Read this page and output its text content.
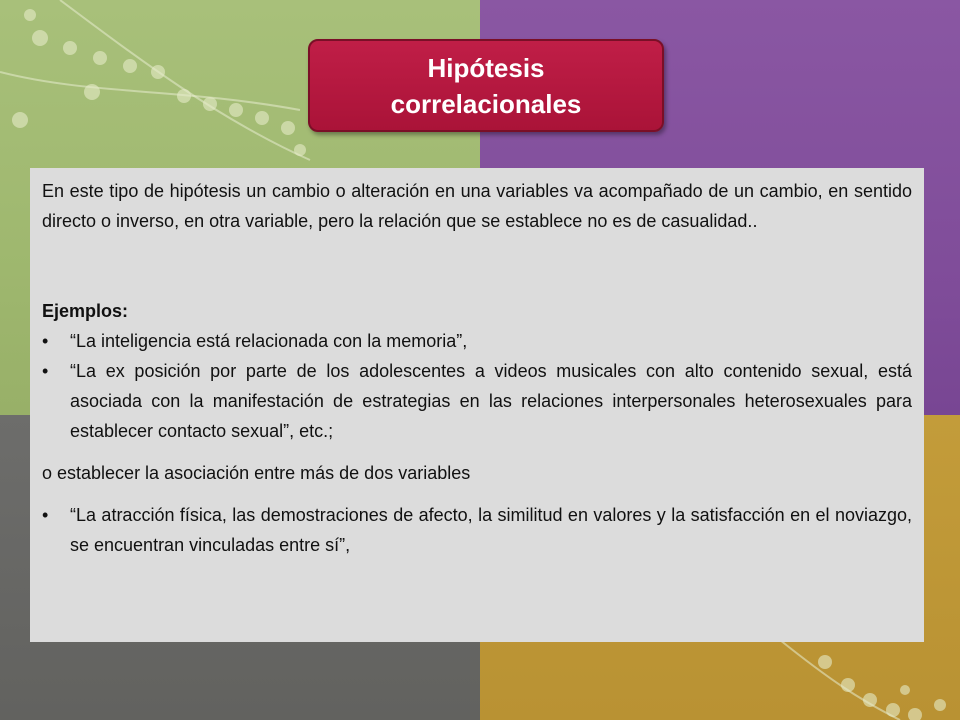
Hipótesis correlacionales

En este tipo de hipótesis un cambio o alteración en una variables va acompañado de un cambio, en sentido directo o inverso, en otra variable, pero la relación que se establece no es de casualidad..

Ejemplos:

•	“La inteligencia está relacionada con la memoria”,
•	“La ex posición por parte de los adolescentes a videos musicales con alto contenido sexual, está asociada con la manifestación de estrategias en las relaciones interpersonales heterosexuales para establecer contacto sexual”, etc.;

o establecer la asociación entre más de dos variables

•	“La atracción física, las demostraciones de afecto, la similitud en valores y la satisfacción en el noviazgo, se encuentran vinculadas entre sí”,
